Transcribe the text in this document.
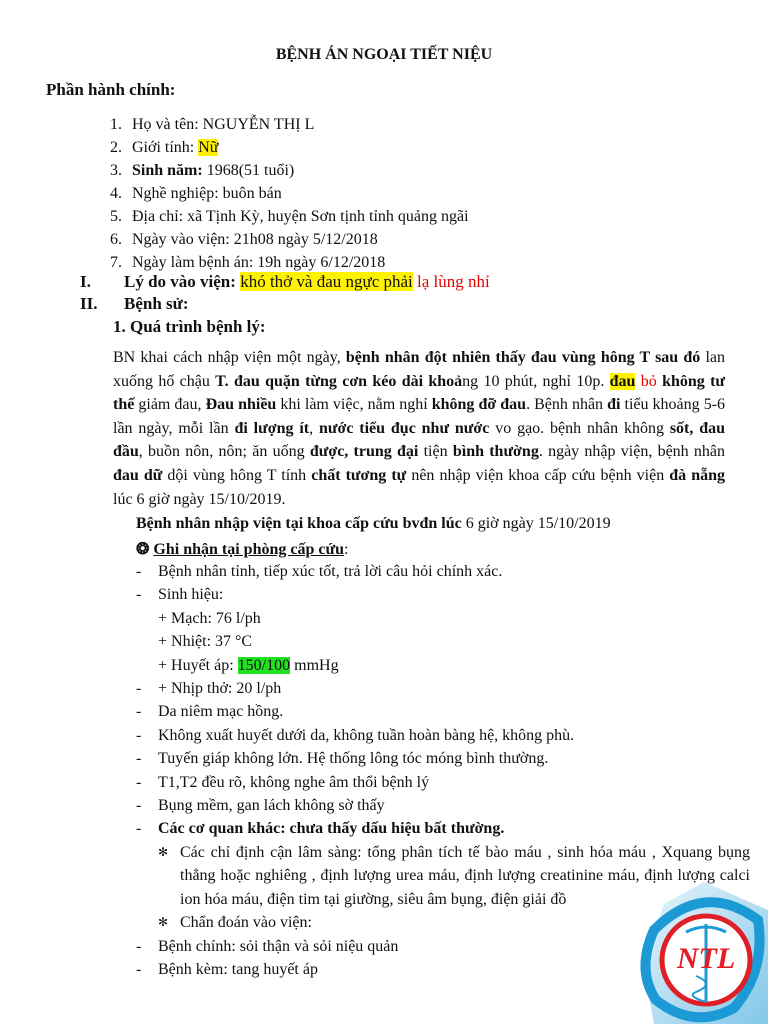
BỆNH ÁN NGOẠI TIẾT NIỆU
Phần hành chính:
1. Họ và tên: NGUYỄN THỊ L
2. Giới tính: Nữ
3. Sinh năm: 1968(51 tuổi)
4. Nghề nghiệp: buôn bán
5. Địa chỉ: xã Tịnh Kỳ, huyện Sơn tịnh tỉnh quảng ngãi
6. Ngày vào viện: 21h08 ngày 5/12/2018
7. Ngày làm bệnh án: 19h ngày 6/12/2018
I. Lý do vào viện: khó thở và đau ngực phải lạ lùng nhỉ
II. Bệnh sử:
1. Quá trình bệnh lý:

BN khai cách nhập viện một ngày, bệnh nhân đột nhiên thấy đau vùng hông T sau đó lan xuống hố chậu T. đau quặn từng cơn kéo dài khoảng 10 phút, nghỉ 10p. đau bỏ không tư thế giảm đau, Đau nhiều khi làm việc, nằm nghỉ không đỡ đau. Bệnh nhân đi tiểu khoảng 5-6 lần ngày, mỗi lần đi lượng ít, nước tiểu đục như nước vo gạo. bệnh nhân không sốt, đau đầu, buồn nôn, nôn; ăn uống được, trung đại tiện bình thường. ngày nhập viện, bệnh nhân đau dữ dội vùng hông T tính chất tương tự nên nhập viện khoa cấp cứu bệnh viện đà nẵng lúc 6 giờ ngày 15/10/2019.

Bệnh nhân nhập viện tại khoa cấp cứu bvđn lúc 6 giờ ngày 15/10/2019
❂ Ghi nhận tại phòng cấp cứu:
- Bệnh nhân tỉnh, tiếp xúc tốt, trả lời câu hỏi chính xác.
- Sinh hiệu:
+ Mạch: 76 l/ph
+ Nhiệt: 37 °C
+ Huyết áp: 150/100 mmHg
- + Nhịp thở: 20 l/ph
- Da niêm mạc hồng.
- Không xuất huyết dưới da, không tuần hoàn bàng hệ, không phù.
- Tuyến giáp không lớn. Hệ thống lông tóc móng bình thường.
- T1,T2 đều rõ, không nghe âm thổi bệnh lý
- Bụng mềm, gan lách không sờ thấy
- Các cơ quan khác: chưa thấy dấu hiệu bất thường.
✻ Các chỉ định cận lâm sàng: tổng phân tích tế bào máu , sinh hóa máu , Xquang bụng thẳng hoặc nghiêng , định lượng urea máu, định lượng creatinine máu, định lượng calci ion hóa máu, điện tim tại giường, siêu âm bụng, điện giải đồ
✻ Chẩn đoán vào viện:
- Bệnh chính: sỏi thận và sỏi niệu quản
- Bệnh kèm: tang huyết áp	NTL
